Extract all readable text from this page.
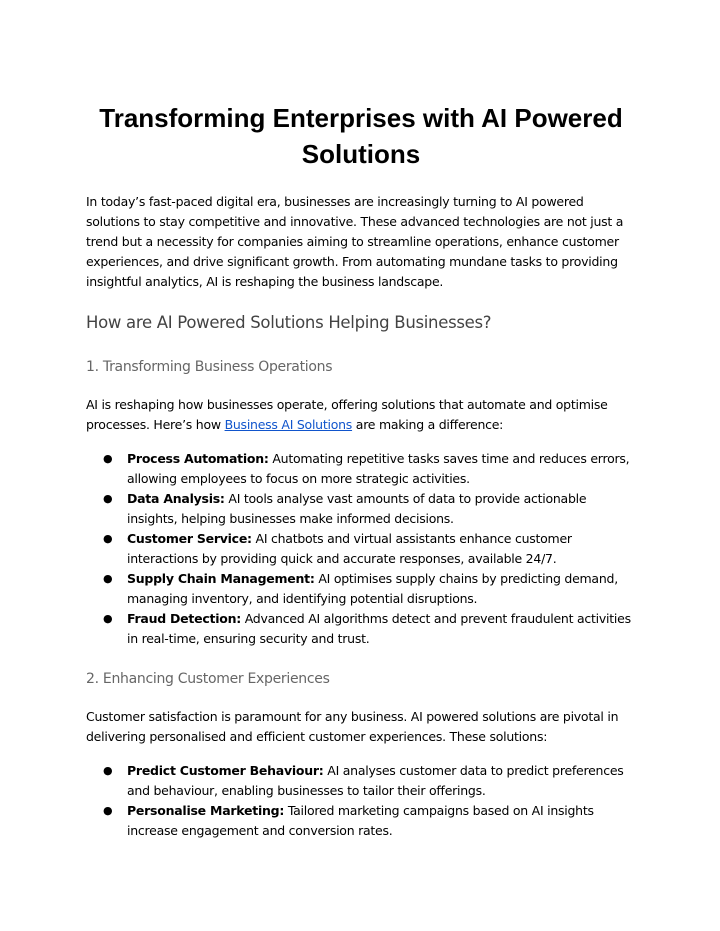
Transforming Enterprises with AI Powered Solutions

In today’s fast-paced digital era, businesses are increasingly turning to AI powered solutions to stay competitive and innovative. These advanced technologies are not just a trend but a necessity for companies aiming to streamline operations, enhance customer experiences, and drive significant growth. From automating mundane tasks to providing insightful analytics, AI is reshaping the business landscape.

How are AI Powered Solutions Helping Businesses?
1. Transforming Business Operations

AI is reshaping how businesses operate, offering solutions that automate and optimise processes. Here’s how Business AI Solutions are making a difference:

● Process Automation: Automating repetitive tasks saves time and reduces errors, allowing employees to focus on more strategic activities.
● Data Analysis: AI tools analyse vast amounts of data to provide actionable insights, helping businesses make informed decisions.
● Customer Service: AI chatbots and virtual assistants enhance customer interactions by providing quick and accurate responses, available 24/7.
● Supply Chain Management: AI optimises supply chains by predicting demand, managing inventory, and identifying potential disruptions.
● Fraud Detection: Advanced AI algorithms detect and prevent fraudulent activities in real-time, ensuring security and trust.
2. Enhancing Customer Experiences

Customer satisfaction is paramount for any business. AI powered solutions are pivotal in delivering personalised and efficient customer experiences. These solutions:

● Predict Customer Behaviour: AI analyses customer data to predict preferences and behaviour, enabling businesses to tailor their offerings.
● Personalise Marketing: Tailored marketing campaigns based on AI insights increase engagement and conversion rates.
